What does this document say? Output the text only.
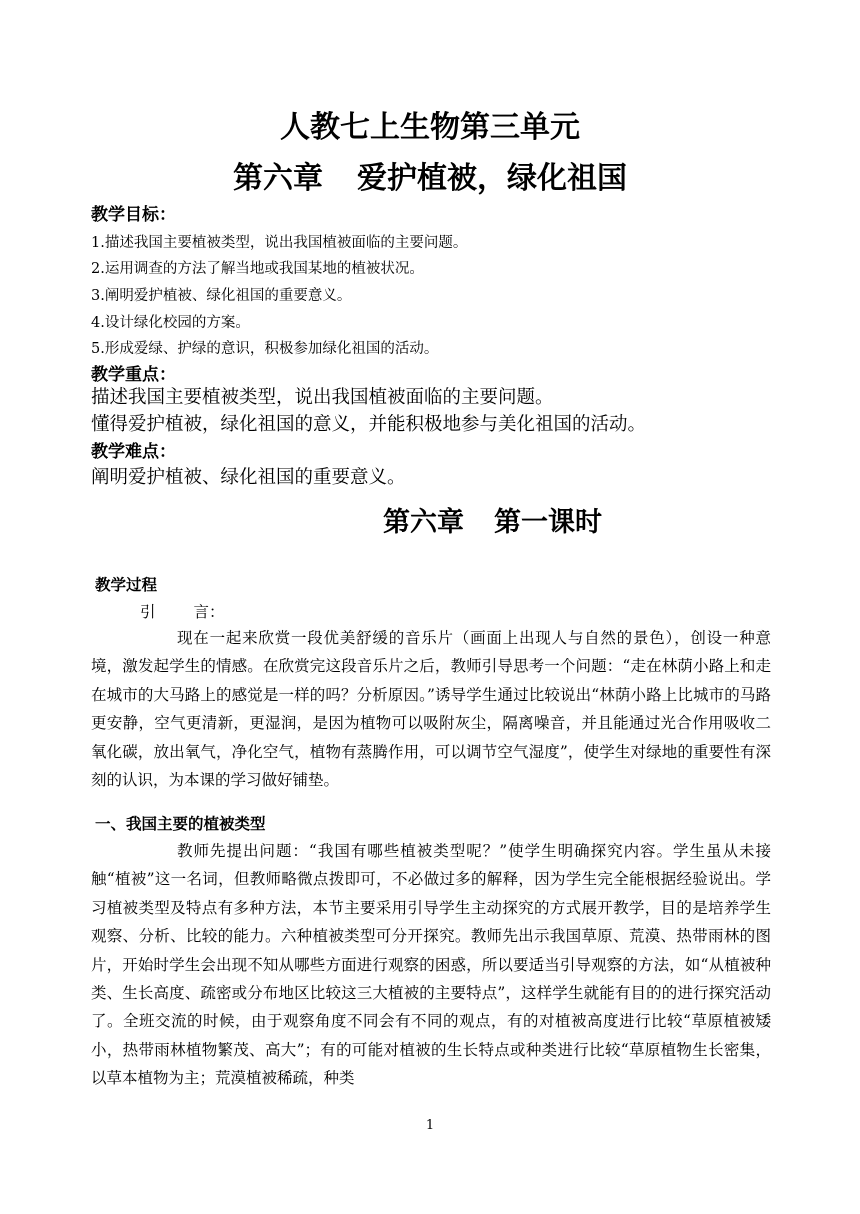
人教七上生物第三单元
第六章 爱护植被，绿化祖国
教学目标：
1.描述我国主要植被类型，说出我国植被面临的主要问题。
2.运用调查的方法了解当地或我国某地的植被状况。
3.阐明爱护植被、绿化祖国的重要意义。
4.设计绿化校园的方案。
5.形成爱绿、护绿的意识，积极参加绿化祖国的活动。
教学重点：
描述我国主要植被类型，说出我国植被面临的主要问题。
懂得爱护植被，绿化祖国的意义，并能积极地参与美化祖国的活动。
教学难点：
阐明爱护植被、绿化祖国的重要意义。
第六章 第一课时
教学过程
引 言：

现在一起来欣赏一段优美舒缓的音乐片（画面上出现人与自然的景色），创设一种意境，激发起学生的情感。在欣赏完这段音乐片之后，教师引导思考一个问题：“走在林荫小路上和走在城市的大马路上的感觉是一样的吗？分析原因。”诱导学生通过比较说出“林荫小路上比城市的马路更安静，空气更清新，更湿润，是因为植物可以吸附灰尘，隔离噪音，并且能通过光合作用吸收二氧化碳，放出氧气，净化空气，植物有蒸腾作用，可以调节空气湿度”，使学生对绿地的重要性有深刻的认识，为本课的学习做好铺垫。

一、我国主要的植被类型

教师先提出问题：“我国有哪些植被类型呢？”使学生明确探究内容。学生虽从未接触“植被”这一名词，但教师略微点拨即可，不必做过多的解释，因为学生完全能根据经验说出。学习植被类型及特点有多种方法，本节主要采用引导学生主动探究的方式展开教学，目的是培养学生观察、分析、比较的能力。六种植被类型可分开探究。教师先出示我国草原、荒漠、热带雨林的图片，开始时学生会出现不知从哪些方面进行观察的困惑，所以要适当引导观察的方法，如“从植被种类、生长高度、疏密或分布地区比较这三大植被的主要特点”，这样学生就能有目的的进行探究活动了。全班交流的时候，由于观察角度不同会有不同的观点，有的对植被高度进行比较“草原植被矮小，热带雨林植物繁茂、高大”；有的可能对植被的生长特点或种类进行比较“草原植物生长密集，以草本植物为主；荒漠植被稀疏，种类

1
